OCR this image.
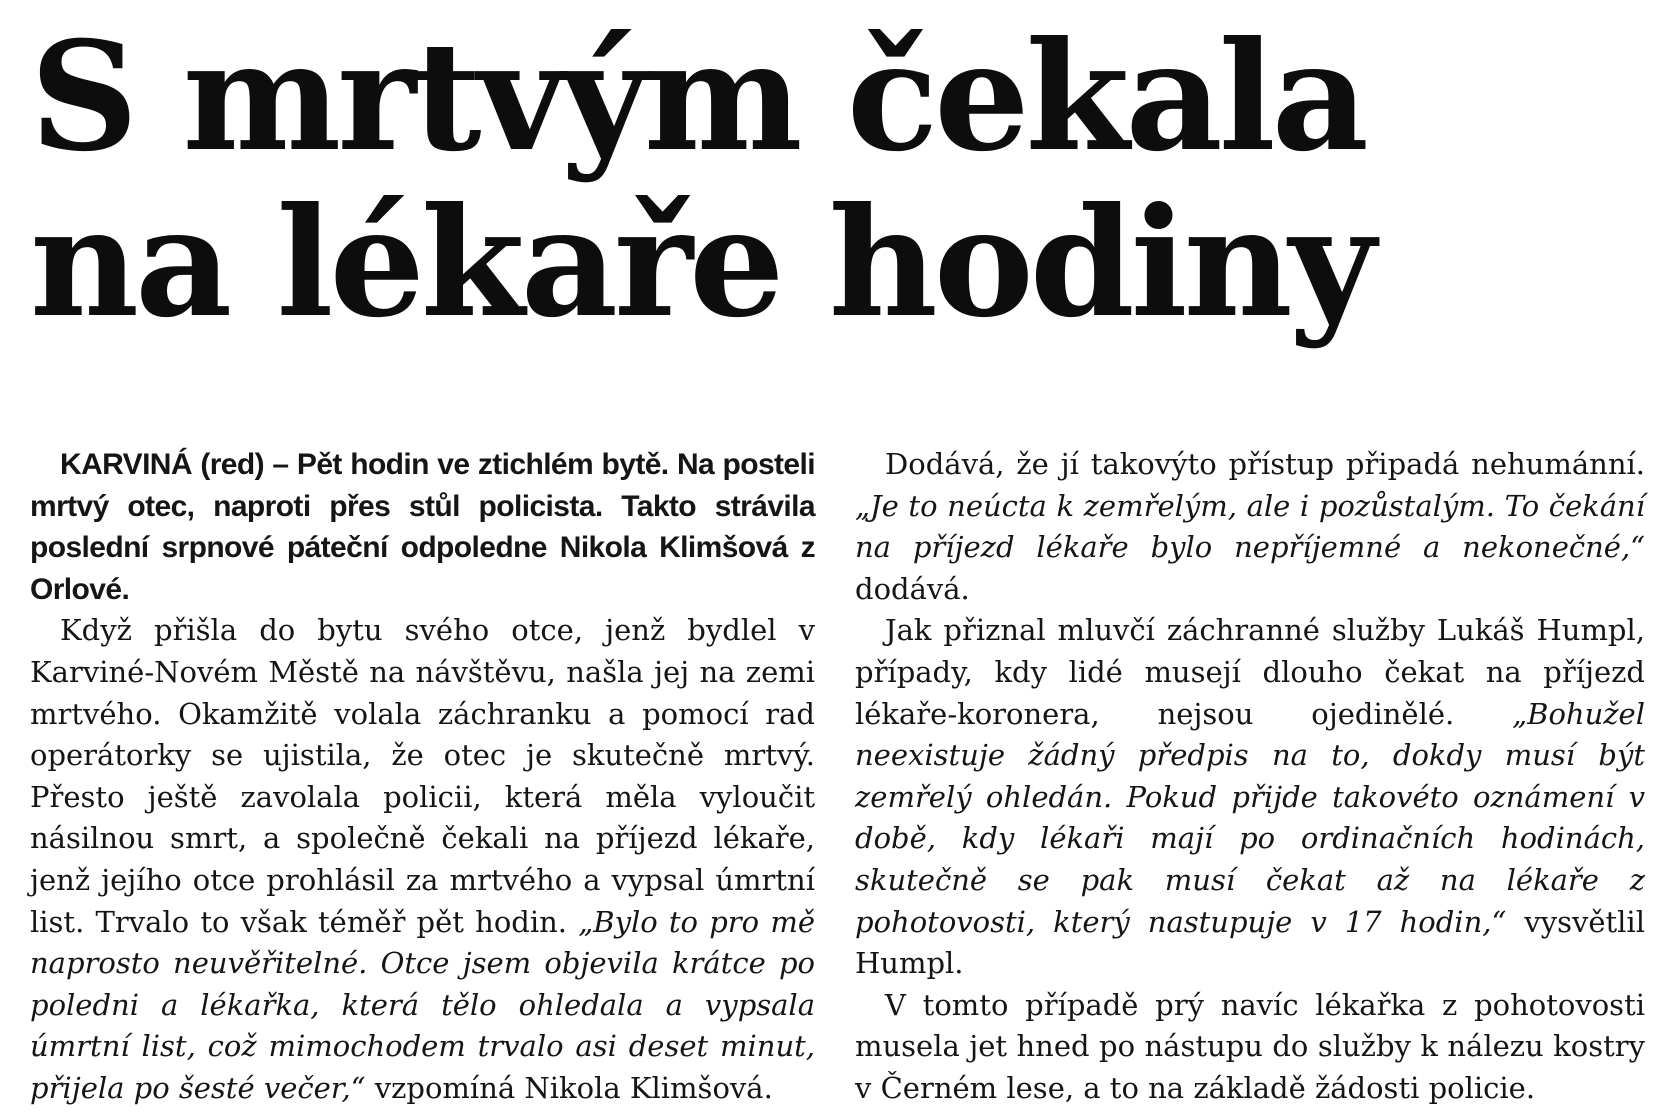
S mrtvým čekala
na lékaře hodiny

KARVINÁ (red) – Pět hodin ve ztichlém bytě. Na posteli mrtvý otec, naproti přes stůl policista. Takto strávila poslední srpnové páteční odpoledne Nikola Klimšová z Orlové.

Když přišla do bytu svého otce, jenž bydlel v Karviné-Novém Městě na návštěvu, našla jej na zemi mrtvého. Okamžitě volala záchranku a pomocí rad operátorky se ujistila, že otec je skutečně mrtvý. Přesto ještě zavolala policii, která měla vyloučit násilnou smrt, a společně čekali na příjezd lékaře, jenž jejího otce prohlásil za mrtvého a vypsal úmrtní list. Trvalo to však téměř pět hodin. „Bylo to pro mě naprosto neuvěřitelné. Otce jsem objevila krátce po poledni a lékařka, která tělo ohledala a vypsala úmrtní list, což mimochodem trvalo asi deset minut, přijela po šesté večer,“ vzpomíná Nikola Klimšová.

Dodává, že jí takovýto přístup připadá nehumánní. „Je to neúcta k zemřelým, ale i pozůstalým. To čekání na příjezd lékaře bylo nepříjemné a nekonečné,“ dodává.

Jak přiznal mluvčí záchranné služby Lukáš Humpl, případy, kdy lidé musejí dlouho čekat na příjezd lékaře-koronera, nejsou ojedinělé. „Bohužel neexistuje žádný předpis na to, dokdy musí být zemřelý ohledán. Pokud přijde takovéto oznámení v době, kdy lékaři mají po ordinačních hodinách, skutečně se pak musí čekat až na lékaře z pohotovosti, který nastupuje v 17 hodin,“ vysvětlil Humpl.

V tomto případě prý navíc lékařka z pohotovosti musela jet hned po nástupu do služby k nálezu kostry v Černém lese, a to na základě žádosti policie.
